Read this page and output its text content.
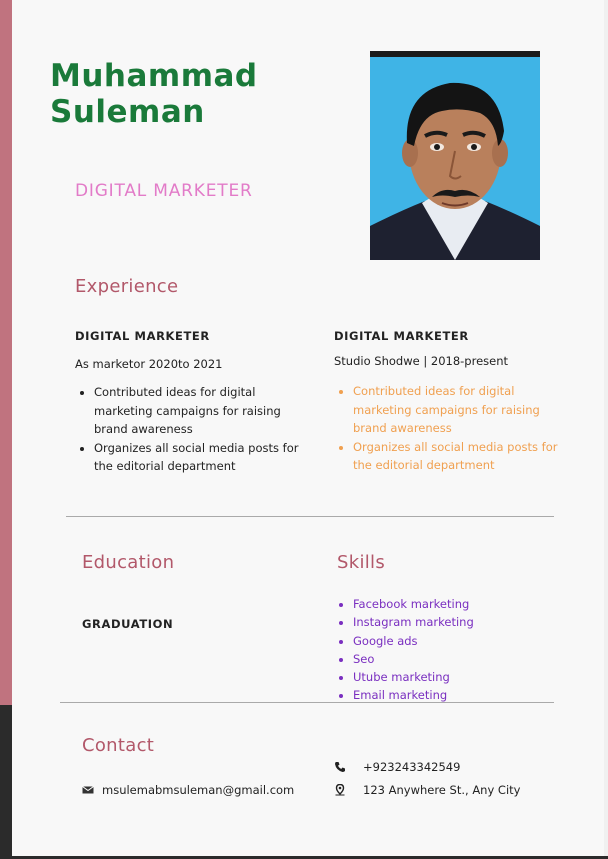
Muhammad
Suleman
DIGITAL MARKETER
Experience
DIGITAL MARKETER
As marketor 2020to 2021
• Contributed ideas for digital marketing campaigns for raising brand awareness
• Organizes all social media posts for the editorial department
DIGITAL MARKETER
Studio Shodwe | 2018-present
• Contributed ideas for digital marketing campaigns for raising brand awareness
• Organizes all social media posts for the editorial department
Education
GRADUATION
Skills
• Facebook marketing
• Instagram marketing
• Google ads
• Seo
• Utube marketing
• Email marketing
Contact
msulemabmsuleman@gmail.com
+923243342549
123 Anywhere St., Any City
